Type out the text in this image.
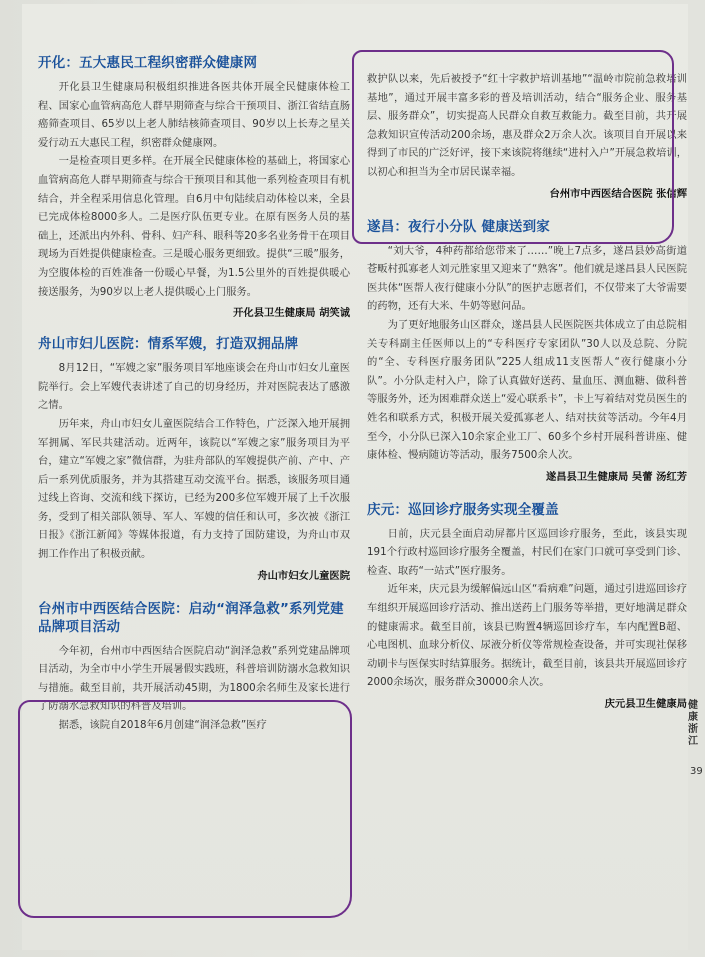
开化：五大惠民工程织密群众健康网

开化县卫生健康局积极组织推进各医共体开展全民健康体检工程、国家心血管病高危人群早期筛查与综合干预项目、浙江省结直肠癌筛查项目、65岁以上老人肺结核筛查项目、90岁以上长寿之星关爱行动五大惠民工程，织密群众健康网。

一是检查项目更多样。在开展全民健康体检的基础上，将国家心血管病高危人群早期筛查与综合干预项目和其他一系列检查项目有机结合，并全程采用信息化管理。自6月中旬陆续启动体检以来，全县已完成体检8000多人。二是医疗队伍更专业。在原有医务人员的基础上，还派出内外科、骨科、妇产科、眼科等20多名业务骨干在项目现场为百姓提供健康检查。三是暖心服务更细致。提供“三暖”服务，为空腹体检的百姓准备一份暖心早餐，为1.5公里外的百姓提供暖心接送服务，为90岁以上老人提供暖心上门服务。

开化县卫生健康局 胡笑诚
舟山市妇儿医院：情系军嫂，打造双拥品牌

8月12日，“军嫂之家”服务项目军地座谈会在舟山市妇女儿童医院举行。会上军嫂代表讲述了自己的切身经历，并对医院表达了感激之情。

历年来，舟山市妇女儿童医院结合工作特色，广泛深入地开展拥军拥属、军民共建活动。近两年，该院以“军嫂之家”服务项目为平台，建立“军嫂之家”微信群，为驻舟部队的军嫂提供产前、产中、产后一系列优质服务，并为其搭建互动交流平台。据悉，该服务项目通过线上咨询、交流和线下探访，已经为200多位军嫂开展了上千次服务，受到了相关部队领导、军人、军嫂的信任和认可，多次被《浙江日报》《浙江新闻》等媒体报道，有力支持了国防建设，为舟山市双拥工作作出了积极贡献。

舟山市妇女儿童医院
台州市中西医结合医院：启动“润泽急救”系列党建品牌项目活动

今年初，台州市中西医结合医院启动“润泽急救”系列党建品牌项目活动，为全市中小学生开展暑假实践班，科普培训防溺水急救知识与措施。截至目前，共开展活动45期，为1800余名师生及家长进行了防溺水急救知识的科普及培训。

据悉，该院自2018年6月创建“润泽急救”医疗

救护队以来，先后被授予“红十字救护培训基地”“温岭市院前急救培训基地”，通过开展丰富多彩的普及培训活动，结合“服务企业、服务基层、服务群众”，切实提高人民群众自救互救能力。截至目前，共开展急救知识宣传活动200余场，惠及群众2万余人次。该项目自开展以来得到了市民的广泛好评，接下来该院将继续“进村入户”开展急救培训，以初心和担当为全市居民谋幸福。

台州市中西医结合医院 张信辉
遂昌：夜行小分队 健康送到家

“刘大爷，4种药都给您带来了……”晚上7点多，遂昌县妙高街道苍畈村孤寡老人刘元胜家里又迎来了“熟客”。他们就是遂昌县人民医院医共体“医帮人夜行健康小分队”的医护志愿者们，不仅带来了大爷需要的药物，还有大米、牛奶等慰问品。

为了更好地服务山区群众，遂昌县人民医院医共体成立了由总院相关专科副主任医师以上的“专科医疗专家团队”30人以及总院、分院的“全、专科医疗服务团队”225人组成11支医帮人“夜行健康小分队”。小分队走村入户，除了认真做好送药、量血压、测血糖、做科普等服务外，还为困难群众送上“爱心联系卡”，卡上写着结对党员医生的姓名和联系方式，积极开展关爱孤寡老人、结对扶贫等活动。今年4月至今，小分队已深入10余家企业工厂、60多个乡村开展科普讲座、健康体检、慢病随访等活动，服务7500余人次。

遂昌县卫生健康局 吴蕾 汤红芳
庆元：巡回诊疗服务实现全覆盖

日前，庆元县全面启动屏都片区巡回诊疗服务，至此，该县实现191个行政村巡回诊疗服务全覆盖，村民们在家门口就可享受到门诊、检查、取药“一站式”医疗服务。

近年来，庆元县为缓解偏远山区“看病难”问题，通过引进巡回诊疗车组织开展巡回诊疗活动、推出送药上门服务等举措，更好地满足群众的健康需求。截至目前，该县已购置4辆巡回诊疗车，车内配置B超、心电图机、血球分析仪、尿液分析仪等常规检查设备，并可实现社保移动刷卡与医保实时结算服务。据统计，截至目前，该县共开展巡回诊疗2000余场次，服务群众30000余人次。

庆元县卫生健康局 健康浙江
39
